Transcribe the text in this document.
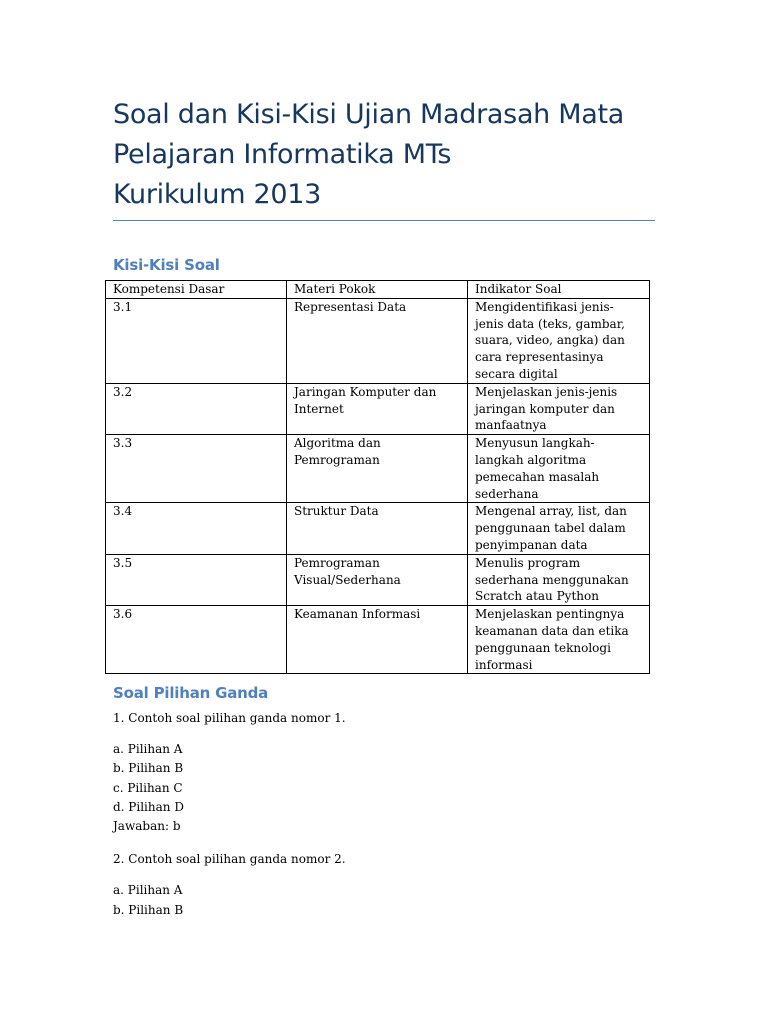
Soal dan Kisi-Kisi Ujian Madrasah Mata
Pelajaran Informatika MTs
Kurikulum 2013
Kisi-Kisi Soal
Kompetensi Dasar	Materi Pokok	Indikator Soal
3.1	Representasi Data	Mengidentifikasi jenis-jenis data (teks, gambar, suara, video, angka) dan cara representasinya secara digital
3.2	Jaringan Komputer dan Internet	Menjelaskan jenis-jenis jaringan komputer dan manfaatnya
3.3	Algoritma dan Pemrograman	Menyusun langkah-langkah algoritma pemecahan masalah sederhana
3.4	Struktur Data	Mengenal array, list, dan penggunaan tabel dalam penyimpanan data
3.5	Pemrograman Visual/Sederhana	Menulis program sederhana menggunakan Scratch atau Python
3.6	Keamanan Informasi	Menjelaskan pentingnya keamanan data dan etika penggunaan teknologi informasi
Soal Pilihan Ganda

1. Contoh soal pilihan ganda nomor 1.

a. Pilihan A

b. Pilihan B

c. Pilihan C

d. Pilihan D

Jawaban: b

2. Contoh soal pilihan ganda nomor 2.

a. Pilihan A

b. Pilihan B
